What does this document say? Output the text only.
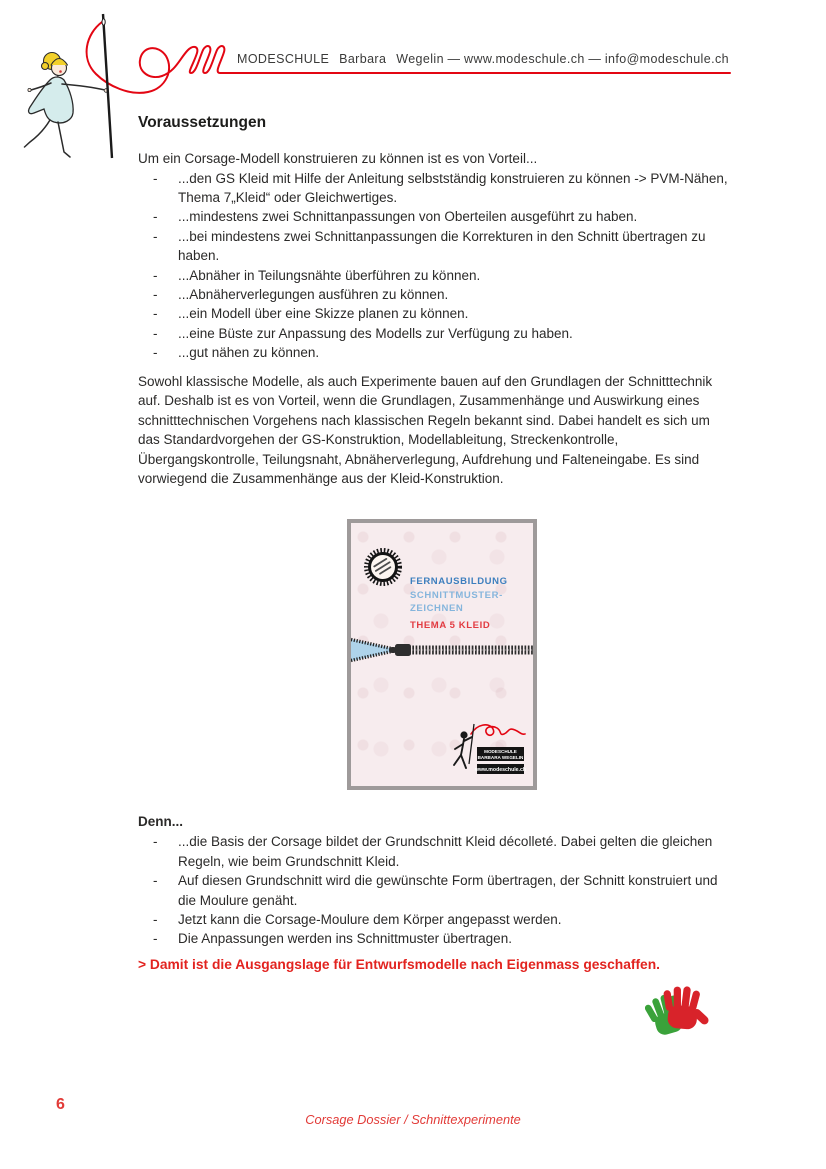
MODESCHULE Barbara Wegelin — www.modeschule.ch — info@modeschule.ch
Voraussetzungen

Um ein Corsage-Modell konstruieren zu können ist es von Vorteil...

- ...den GS Kleid mit Hilfe der Anleitung selbstständig konstruieren zu können -> PVM-Nähen, Thema 7„Kleid“ oder Gleichwertiges.
- ...mindestens zwei Schnittanpassungen von Oberteilen ausgeführt zu haben.
- ...bei mindestens zwei Schnittanpassungen die Korrekturen in den Schnitt übertragen zu haben.
- ...Abnäher in Teilungsnähte überführen zu können.
- ...Abnäherverlegungen ausführen zu können.
- ...ein Modell über eine Skizze planen zu können.
- ...eine Büste zur Anpassung des Modells zur Verfügung zu haben.
- ...gut nähen zu können.

Sowohl klassische Modelle, als auch Experimente bauen auf den Grundlagen der Schnitttechnik auf. Deshalb ist es von Vorteil, wenn die Grundlagen, Zusammenhänge und Auswirkung eines schnitttechnischen Vorgehens nach klassischen Regeln bekannt sind. Dabei handelt es sich um das Standardvorgehen der GS-Konstruktion, Modellableitung, Streckenkontrolle, Übergangskontrolle, Teilungsnaht, Abnäherverlegung, Aufdrehung und Falteneingabe. Es sind vorwiegend die Zusammenhänge aus der Kleid-Konstruktion.

FERNAUSBILDUNG
SCHNITTMUSTER-
ZEICHNEN
THEMA 5 KLEID
MODESCHULE
BARBARA WEGELIN
www.modeschule.ch
Denn...
- ...die Basis der Corsage bildet der Grundschnitt Kleid décolleté. Dabei gelten die gleichen Regeln, wie beim Grundschnitt Kleid.
- Auf diesen Grundschnitt wird die gewünschte Form übertragen, der Schnitt konstruiert und die Moulure genäht.
- Jetzt kann die Corsage-Moulure dem Körper angepasst werden.
- Die Anpassungen werden ins Schnittmuster übertragen.

> Damit ist die Ausgangslage für Entwurfsmodelle nach Eigenmass geschaffen.

6
Corsage Dossier / Schnittexperimente
